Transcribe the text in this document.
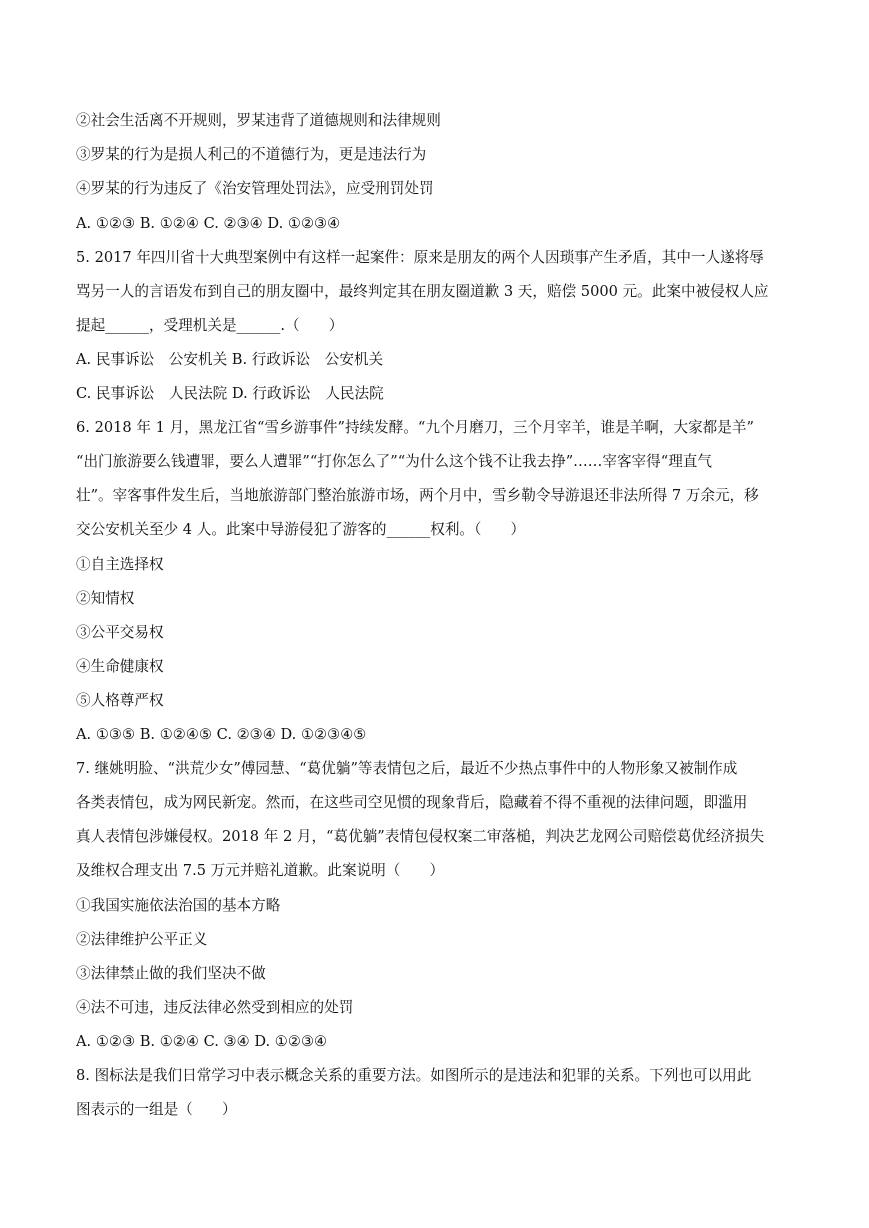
②社会生活离不开规则，罗某违背了道德规则和法律规则
③罗某的行为是损人利己的不道德行为，更是违法行为
④罗某的行为违反了《治安管理处罚法》，应受刑罚处罚
A. ①②③ B. ①②④ C. ②③④ D. ①②③④
5. 2017 年四川省十大典型案例中有这样一起案件：原来是朋友的两个人因琐事产生矛盾，其中一人遂将辱
骂另一人的言语发布到自己的朋友圈中，最终判定其在朋友圈道歉 3 天，赔偿 5000 元。此案中被侵权人应
提起______，受理机关是______.（　　）
A. 民事诉讼　公安机关 B. 行政诉讼　公安机关
C. 民事诉讼　人民法院 D. 行政诉讼　人民法院
6. 2018 年 1 月，黑龙江省“雪乡游事件”持续发酵。“九个月磨刀，三个月宰羊，谁是羊啊，大家都是羊”
“出门旅游要么钱遭罪，要么人遭罪”“打你怎么了”“为什么这个钱不让我去挣”……宰客宰得“理直气
壮”。宰客事件发生后，当地旅游部门整治旅游市场，两个月中，雪乡勒令导游退还非法所得 7 万余元，移
交公安机关至少 4 人。此案中导游侵犯了游客的______权利。（　　）
①自主选择权
②知情权
③公平交易权
④生命健康权
⑤人格尊严权
A. ①③⑤ B. ①②④⑤ C. ②③④ D. ①②③④⑤
7. 继姚明脸、“洪荒少女”傅园慧、“葛优躺”等表情包之后，最近不少热点事件中的人物形象又被制作成
各类表情包，成为网民新宠。然而，在这些司空见惯的现象背后，隐藏着不得不重视的法律问题，即滥用
真人表情包涉嫌侵权。2018 年 2 月，“葛优躺”表情包侵权案二审落槌，判决艺龙网公司赔偿葛优经济损失
及维权合理支出 7.5 万元并赔礼道歉。此案说明（　　）
①我国实施依法治国的基本方略
②法律维护公平正义
③法律禁止做的我们坚决不做
④法不可违，违反法律必然受到相应的处罚
A. ①②③ B. ①②④ C. ③④ D. ①②③④
8. 图标法是我们日常学习中表示概念关系的重要方法。如图所示的是违法和犯罪的关系。下列也可以用此
图表示的一组是（　　）
